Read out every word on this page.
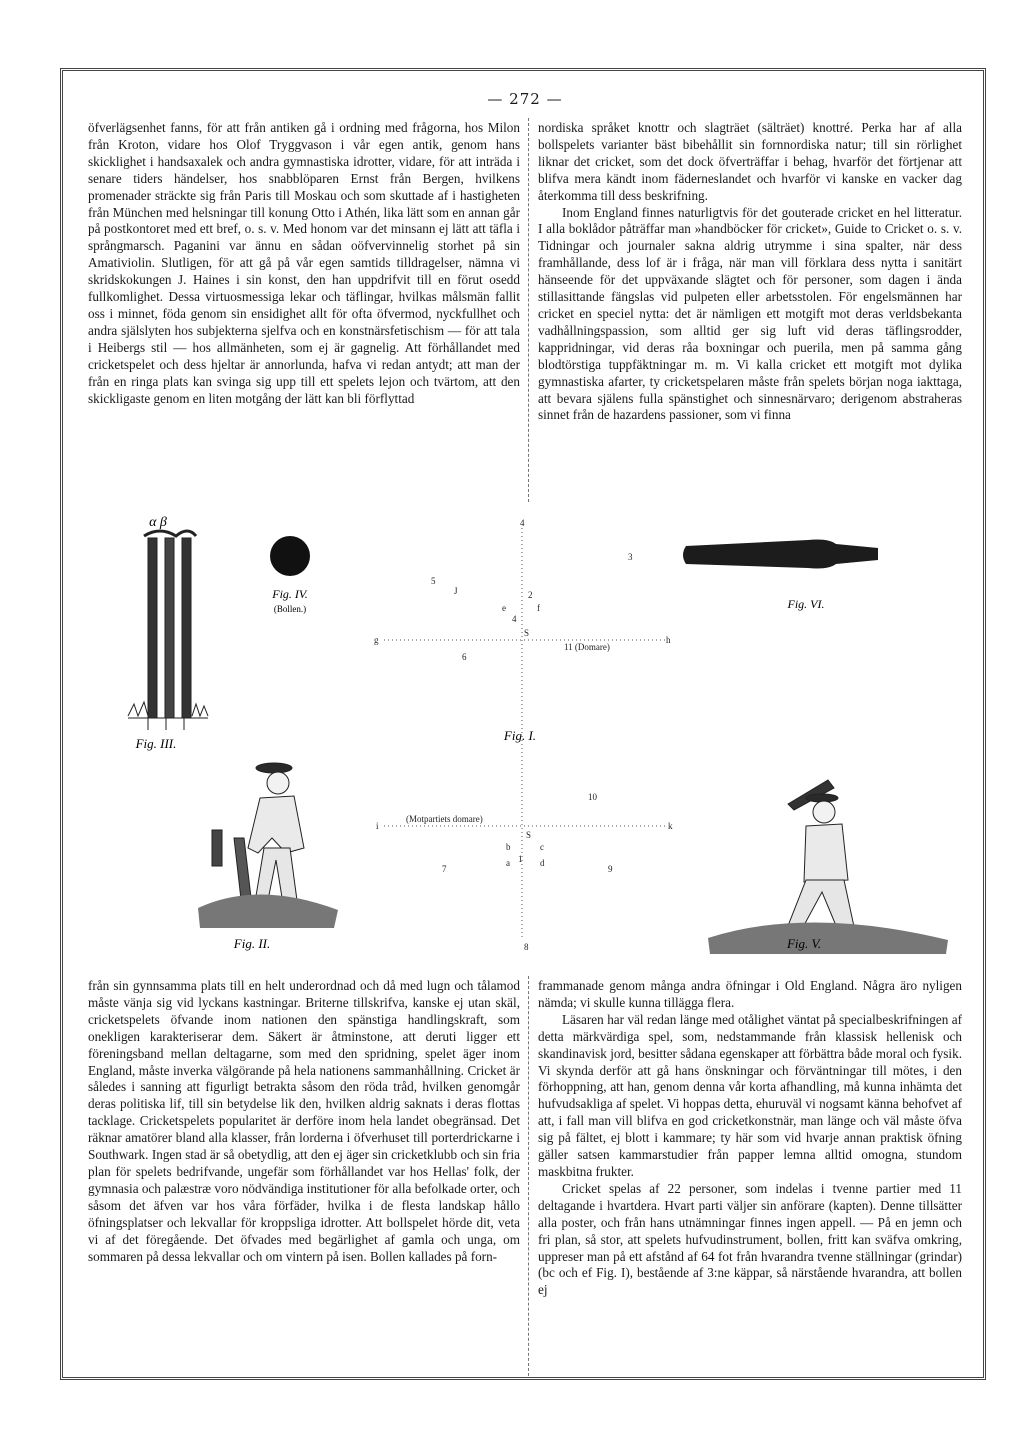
— 272 —

öfverlägsenhet fanns, för att från antiken gå i ordning med frågorna, hos Milon från Kroton, vidare hos Olof Tryggvason i vår egen antik, genom hans skicklighet i handsaxalek och andra gymnastiska idrotter, vidare, för att inträda i senare tiders händelser, hos snabblöparen Ernst från Bergen, hvilkens promenader sträckte sig från Paris till Moskau och som skuttade af i hastigheten från München med helsningar till konung Otto i Athén, lika lätt som en annan går på postkontoret med ett bref, o. s. v. Med honom var det minsann ej lätt att täfla i språngmarsch. Paganini var ännu en sådan oöfvervinnelig storhet på sin Amativiolin. Slutligen, för att gå på vår egen samtids tilldragelser, nämna vi skridskokungen J. Haines i sin konst, den han uppdrifvit till en förut osedd fullkomlighet. Dessa virtuosmessiga lekar och täflingar, hvilkas målsmän fallit oss i minnet, föda genom sin ensidighet allt för ofta öfvermod, nyckfullhet och andra själslyten hos subjekterna sjelfva och en konstnärsfetischism — för att tala i Heibergs stil — hos allmänheten, som ej är gagnelig. Att förhållandet med cricketspelet och dess hjeltar är annorlunda, hafva vi redan antydt; att man der från en ringa plats kan svinga sig upp till ett spelets lejon och tvärtom, att den skickligaste genom en liten motgång der lätt kan bli förflyttad

nordiska språket knottr och slagträet (sälträet) knottré. Perka har af alla bollspelets varianter bäst bibehållit sin fornnordiska natur; till sin rörlighet liknar det cricket, som det dock öfverträffar i behag, hvarför det förtjenar att blifva mera kändt inom fäderneslandet och hvarför vi kanske en vacker dag återkomma till dess beskrifning.

Inom England finnes naturligtvis för det gouterade cricket en hel litteratur. I alla boklådor påträffar man »handböcker för cricket», Guide to Cricket o. s. v. Tidningar och journaler sakna aldrig utrymme i sina spalter, när dess framhållande, dess lof är i fråga, när man vill förklara dess nytta i sanitärt hänseende för det uppväxande slägtet och för personer, som dagen i ända stillasittande fängslas vid pulpeten eller arbetsstolen. För engelsmännen har cricket en speciel nytta: det är nämligen ett motgift mot deras verldsbekanta vadhållningspassion, som alltid ger sig luft vid deras täflingsrodder, kappridningar, vid deras råa boxningar och puerila, men på samma gång blodtörstiga tuppfäktningar m. m. Vi kalla cricket ett motgift mot dylika gymnastiska afarter, ty cricketspelaren måste från spelets början noga iakttaga, att bevara själens fulla spänstighet och sinnesnärvaro; derigenom abstraheras sinnet från de hazardens passioner, som vi finna

α β
Fig. III.
Fig. IV.
(Bollen.)	Fig. VI.
4
3
5
J	2
e	f
4
S
g
11 (Domare)
h
6
10
(Motpartiets domare)
i	k
S
b	c
a 1 d
7	9
8
Fig. I.
Fig. II.	Fig. V.

från sin gynnsamma plats till en helt underordnad och då med lugn och tålamod måste vänja sig vid lyckans kastningar. Briterne tillskrifva, kanske ej utan skäl, cricketspelets öfvande inom nationen den spänstiga handlingskraft, som onekligen karakteriserar dem. Säkert är åtminstone, att deruti ligger ett föreningsband mellan deltagarne, som med den spridning, spelet äger inom England, måste inverka välgörande på hela nationens sammanhållning. Cricket är således i sanning att figurligt betrakta såsom den röda tråd, hvilken genomgår deras politiska lif, till sin betydelse lik den, hvilken aldrig saknats i deras flottas tacklage. Cricketspelets popularitet är derföre inom hela landet obegränsad. Det räknar amatörer bland alla klasser, från lorderna i öfverhuset till porterdrickarne i Southwark. Ingen stad är så obetydlig, att den ej äger sin cricketklubb och sin fria plan för spelets bedrifvande, ungefär som förhållandet var hos Hellas' folk, der gymnasia och palæstræ voro nödvändiga institutioner för alla befolkade orter, och såsom det äfven var hos våra förfäder, hvilka i de flesta landskap hållo öfningsplatser och lekvallar för kroppsliga idrotter. Att bollspelet hörde dit, veta vi af det föregående. Det öfvades med begärlighet af gamla och unga, om sommaren på dessa lekvallar och om vintern på isen. Bollen kallades på forn-

frammanade genom många andra öfningar i Old England. Några äro nyligen nämda; vi skulle kunna tillägga flera.

Läsaren har väl redan länge med otålighet väntat på specialbeskrifningen af detta märkvärdiga spel, som, nedstammande från klassisk hellenisk och skandinavisk jord, besitter sådana egenskaper att förbättra både moral och fysik. Vi skynda derför att gå hans önskningar och förväntningar till mötes, i den förhoppning, att han, genom denna vår korta afhandling, må kunna inhämta det hufvudsakliga af spelet. Vi hoppas detta, ehuruväl vi nogsamt känna behofvet af att, i fall man vill blifva en god cricketkonstnär, man länge och väl måste öfva sig på fältet, ej blott i kammare; ty här som vid hvarje annan praktisk öfning gäller satsen kammarstudier från papper lemna alltid omogna, stundom maskbitna frukter.

Cricket spelas af 22 personer, som indelas i tvenne partier med 11 deltagande i hvartdera. Hvart parti väljer sin anförare (kapten). Denne tillsätter alla poster, och från hans utnämningar finnes ingen appell. — På en jemn och fri plan, så stor, att spelets hufvudinstrument, bollen, fritt kan sväfva omkring, uppreser man på ett afstånd af 64 fot från hvarandra tvenne ställningar (grindar) (bc och ef Fig. I), bestående af 3:ne käppar, så närstående hvarandra, att bollen ej
